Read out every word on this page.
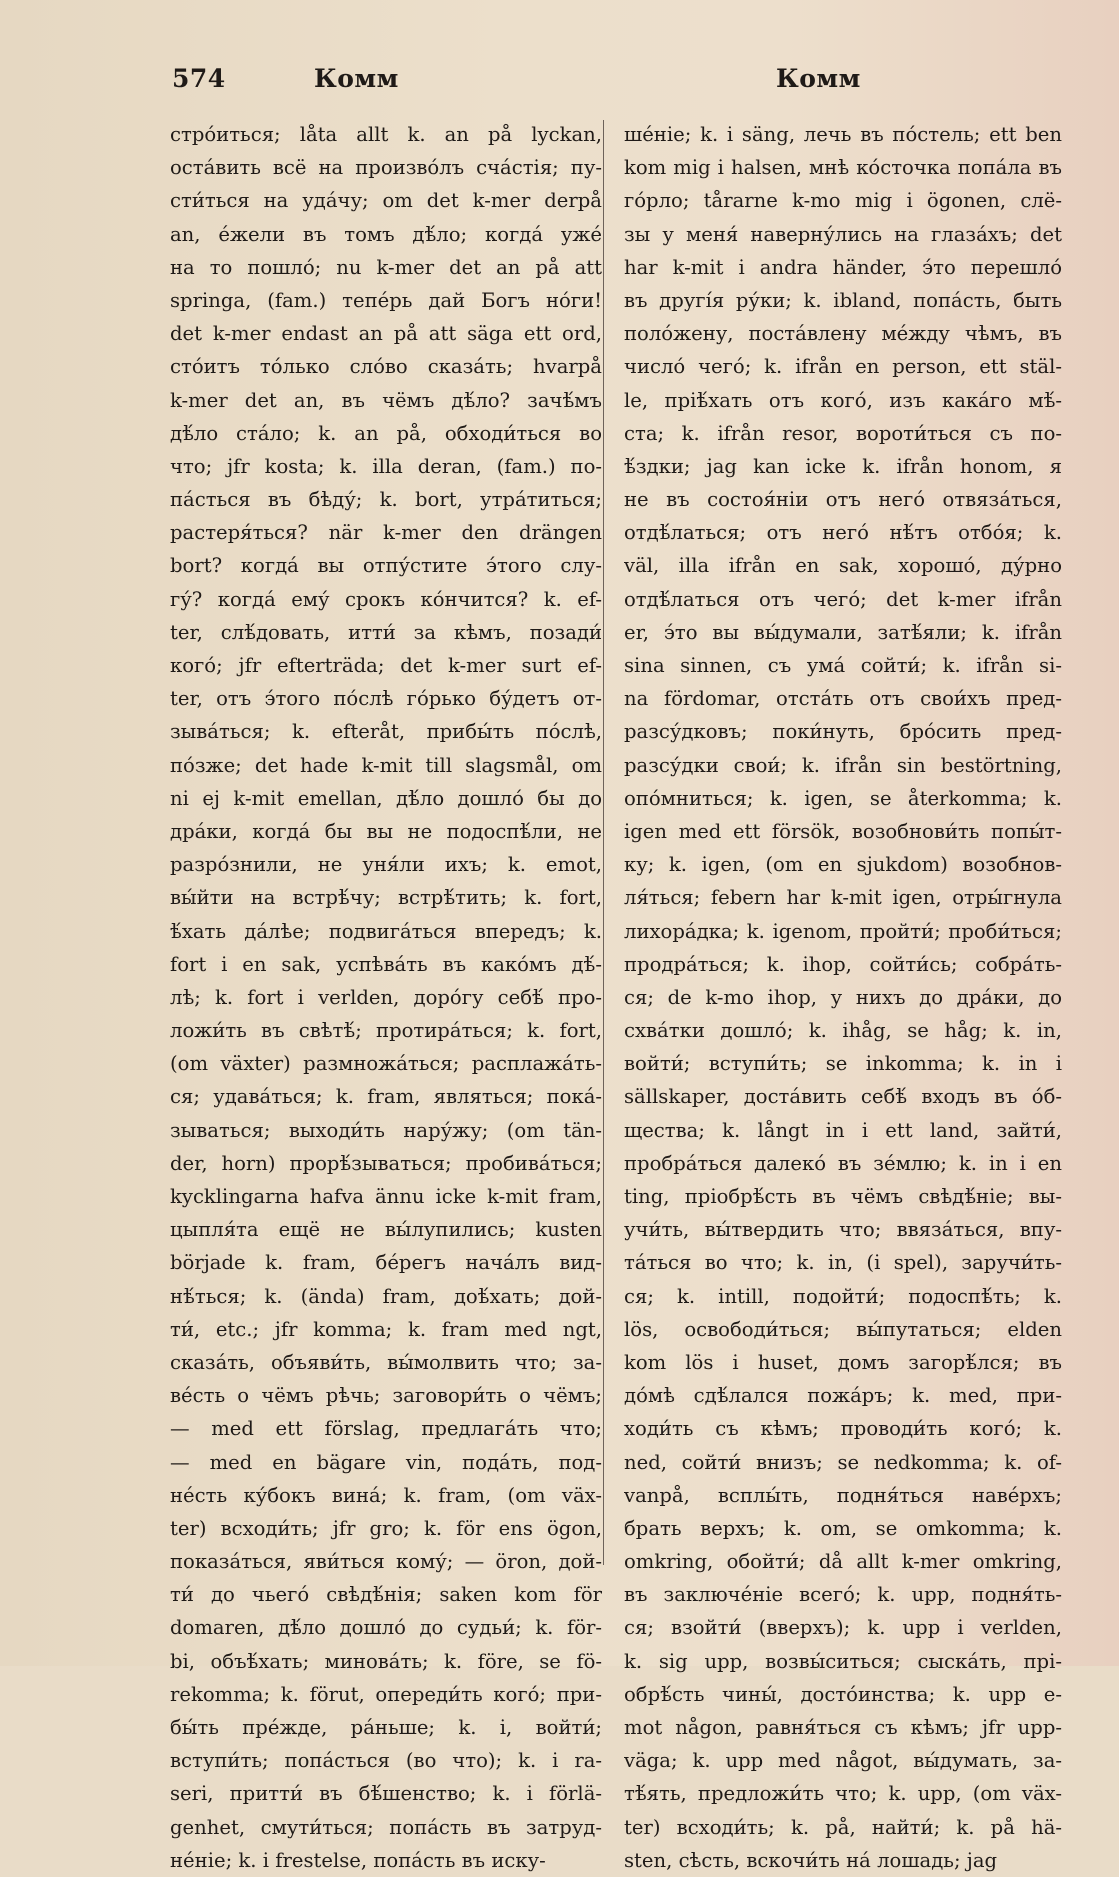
574	Комм	Комм
стро́иться; låta allt k. an på lyckan,
остáвить всё на произво́лъ счáстія; пу-
сти́ться на удáчу; om det k-mer derpå
an, éжели въ томъ дѣ́ло; когдá ужé
на то пошло́; nu k-mer det an på att
springa, (fam.) тепéрь дай Богъ но́ги!
det k-mer endast an på att säga ett ord,
сто́итъ то́лько сло́во сказáть; hvarpå
k-mer det an, въ чёмъ дѣ́ло? зачѣ́мъ
дѣ́ло стáло; k. an på, обходи́ться во
что; jfr kosta; k. illa deran, (fam.) по-
пáсться въ бѣду́; k. bort, утрáтиться;
растеря́ться? när k-mer den drängen
bort? когдá вы отпу́стите э́того слу-
гу́? когдá ему́ срокъ ко́нчится? k. ef-
ter, слѣ́довать, итти́ за кѣмъ, позади́
кого́; jfr efterträda; det k-mer surt ef-
ter, отъ э́того по́слѣ го́рько бу́детъ от-
зывáться; k. efteråt, прибы́ть по́слѣ,
по́зже; det hade k-mit till slagsmål, om
ni ej k-mit emellan, дѣ́ло дошло́ бы до
дрáки, когдá бы вы не подоспѣ́ли, не
разро́знили, не уня́ли ихъ; k. emot,
вы́йти на встрѣ́чу; встрѣ́тить; k. fort,
ѣ́хать дáлѣе; подвигáться впередъ; k.
fort i en sak, успѣвáть въ како́мъ дѣ́-
лѣ; k. fort i verlden, доро́гу себѣ́ про-
ложи́ть въ свѣтѣ́; протирáться; k. fort,
(om växter) размножáться; расплажáть-
ся; удавáться; k. fram, являться; покá-
зываться; выходи́ть нару́жу; (om tän-
der, horn) прорѣ́зываться; пробивáться;
kycklingarna hafva ännu icke k-mit fram,
цыпля́та ещё не вы́лупились; kusten
började k. fram, бéрегъ начáлъ вид-
нѣ́ться; k. (ända) fram, доѣ́хать; дой-
ти́, etc.; jfr komma; k. fram med ngt,
сказáть, объяви́ть, вы́молвить что; за-
вéсть о чёмъ рѣчь; заговори́ть о чёмъ;
— med ett förslag, предлагáть что;
— med en bägare vin, подáть, под-
нéсть ку́бокъ винá; k. fram, (om väx-
ter) всходи́ть; jfr gro; k. för ens ögon,
показáться, яви́ться кому́; — öron, дой-
ти́ до чьегó свѣдѣ́нія; saken kom för
domaren, дѣ́ло дошло́ до судьи́; k. för-
bi, объѣ́хать; миновáть; k. före, se fö-
rekomma; k. förut, опереди́ть кого́; при-
бы́ть прéжде, рáньше; k. i, войти́;
вступи́ть; попáсться (во что); k. i ra-
seri, притти́ въ бѣ́шенство; k. i förlä-
genhet, смути́ться; попáсть въ затруд-
нéніе; k. i frestelse, попáсть въ иску-
шéніе; k. i säng, лечь въ по́стель; ett ben
kom mig i halsen, мнѣ ко́сточка попáла въ
го́рло; tårarne k-mo mig i ögonen, слё-
зы у меня́ наверну́лись на глазáхъ; det
har k-mit i andra händer, э́то перешло́
въ другі́я ру́ки; k. ibland, попáсть, быть
поло́жену, постáвлену мéжду чѣмъ, въ
число́ чегó; k. ifrån en person, ett stäl-
le, пріѣ́хать отъ кого́, изъ какáго мѣ́-
ста; k. ifrån resor, вороти́ться съ по-
ѣ́здки; jag kan icke k. ifrån honom, я
не въ состоя́ніи отъ негó отвязáться,
отдѣ́латься; отъ негó нѣ́тъ отбо́я; k.
väl, illa ifrån en sak, хорошо́, ду́рно
отдѣ́латься отъ чегó; det k-mer ifrån
er, э́то вы вы́думали, затѣ́яли; k. ifrån
sina sinnen, съ умá сойти́; k. ifrån si-
na fördomar, отстáть отъ свои́хъ пред-
разсу́дковъ; поки́нуть, бро́сить пред-
разсу́дки свои́; k. ifrån sin bestörtning,
опо́мниться; k. igen, se återkomma; k.
igen med ett försök, возобнови́ть попы́т-
ку; k. igen, (om en sjukdom) возобнов-
ля́ться; febern har k-mit igen, отры́гнула
лихорáдка; k. igenom, пройти́; проби́ться;
продрáться; k. ihop, сойти́сь; собрáть-
ся; de k-mo ihop, у нихъ до дрáки, до
схвáтки дошло́; k. ihåg, se håg; k. in,
войти́; вступи́ть; se inkomma; k. in i
sällskaper, достáвить себѣ́ входъ въ о́б-
щества; k. långt in i ett land, зайти́,
пробрáться далекó въ зéмлю; k. in i en
ting, пріобрѣ́сть въ чёмъ свѣдѣ́ніе; вы-
учи́ть, вы́твердить что; ввязáться, впу-
тáться во что; k. in, (i spel), заручи́ть-
ся; k. intill, подойти́; подоспѣ́ть; k.
lös, освободи́ться; вы́путаться; elden
kom lös i huset, домъ загорѣ́лся; въ
до́мѣ сдѣ́лался пожáръ; k. med, при-
ходи́ть съ кѣмъ; проводи́ть кого́; k.
ned, сойти́ внизъ; se nedkomma; k. of-
vanpå, всплы́ть, подня́ться навéрхъ;
брать верхъ; k. om, se omkomma; k.
omkring, обойти́; då allt k-mer omkring,
въ заключéніе всегó; k. upp, подня́ть-
ся; взойти́ (вверхъ); k. upp i verlden,
k. sig upp, возвы́ситься; сыскáть, прі-
обрѣ́сть чины́, досто́инства; k. upp e-
mot någon, равня́ться съ кѣмъ; jfr upp-
väga; k. upp med något, вы́думать, за-
тѣ́ять, предложи́ть что; k. upp, (om väx-
ter) всходи́ть; k. på, найти́; k. på hä-
sten, сѣсть, вскочи́ть нá лошадь; jag
